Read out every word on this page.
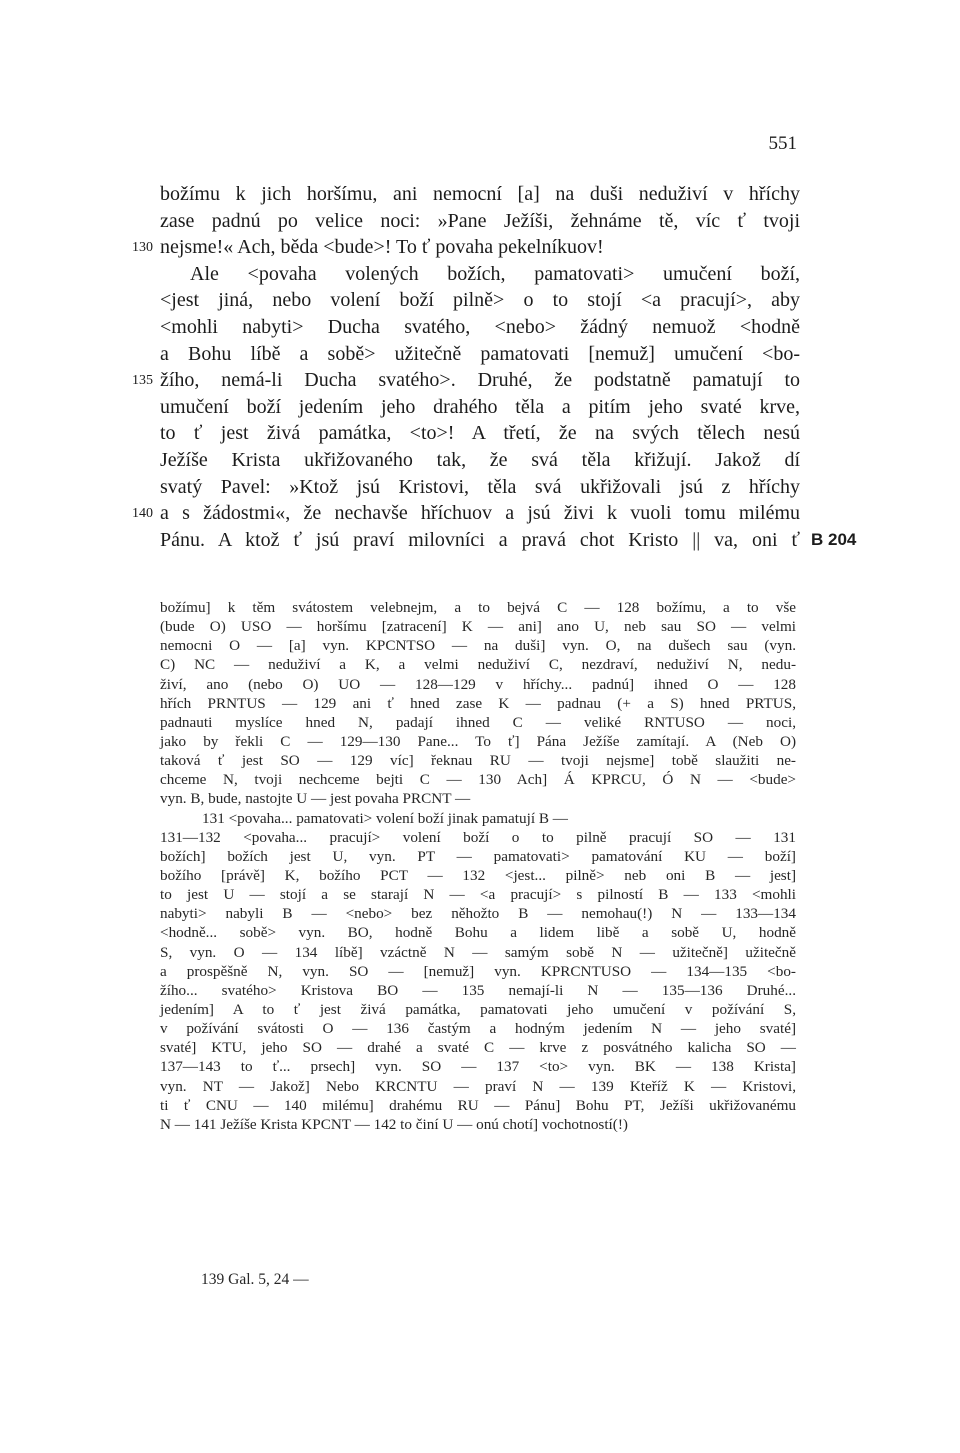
551
božímu k jich horšímu, ani nemocní [a] na duši neduživí v hříchy
zase padnú po velice noci: »Pane Ježíši, žehnáme tě, víc ť tvoji
130 nejsme!« Ach, běda <bude>! To ť povaha pekelníkuov!
Ale <povaha volených božích, pamatovati> umučení boží,
<jest jiná, nebo volení boží pilně> o to stojí <a pracují>, aby
<mohli nabyti> Ducha svatého, <nebo> žádný nemuož <hodně
a Bohu líbě a sobě> užitečně pamatovati [nemuž] umučení <bo-
135 žího, nemá-li Ducha svatého>. Druhé, že podstatně pamatují to
umučení boží jedením jeho drahého těla a pitím jeho svaté krve,
to ť jest živá památka, <to>! A třetí, že na svých tělech nesú
Ježíše Krista ukřižovaného tak, že svá těla křižují. Jakož dí
svatý Pavel: »Ktož jsú Kristovi, těla svá ukřižovali jsú z hříchy
140 a s žádostmi«, že nechavše hříchuov a jsú živi k vuoli tomu milému
Pánu. A ktož ť jsú praví milovníci a pravá chot Kristo || va, oni ť B 204
božímu] k těm svátostem velebnejm, a to bejvá C — 128 božímu, a to vše
(bude O) USO — horšímu [zatracení] K — ani] ano U, neb sau SO — velmi
nemocni O — [a] vyn. KPCNTSO — na duši] vyn. O, na dušech sau (vyn.
C) NC — neduživí a K, a velmi neduživí C, nezdraví, neduživí N, nedu-
živí, ano (nebo O) UO — 128—129 v hříchy... padnú] ihned O — 128
hřích PRNTUS — 129 ani ť hned zase K — padnau (+ a S) hned PRTUS,
padnauti myslíce hned N, padají ihned C — veliké RNTUSO — noci,
jako by řekli C — 129—130 Pane... To ť] Pána Ježíše zamítají. A (Neb O)
taková ť jest SO — 129 víc] řeknau RU — tvoji nejsme] tobě slaužiti ne-
chceme N, tvoji nechceme bejti C — 130 Ach] Á KPRCU, Ó N — <bude>
vyn. B, bude, nastojte U — jest povaha PRCNT —
131 <povaha... pamatovati> volení boží jinak pamatují B —
131—132 <povaha... pracují> volení boží o to pilně pracují SO — 131
božích] božích jest U, vyn. PT — pamatovati> pamatování KU — boží]
božího [právě] K, božího PCT — 132 <jest... pilně> neb oni B — jest]
to jest U — stojí a se starají N — <a pracují> s pilností B — 133 <mohli
nabyti> nabyli B — <nebo> bez něhožto B — nemohau(!) N — 133—134
<hodně... sobě> vyn. BO, hodně Bohu a lidem libě a sobě U, hodně
S, vyn. O — 134 líbě] vzáctně N — samým sobě N — užitečně] užitečně
a prospěšně N, vyn. SO — [nemuž] vyn. KPRCNTUSO — 134—135 <bo-
žího... svatého> Kristova BO — 135 nemají-li N — 135—136 Druhé...
jedením] A to ť jest živá památka, pamatovati jeho umučení v požívání S,
v požívání svátosti O — 136 častým a hodným jedením N — jeho svaté]
svaté] KTU, jeho SO — drahé a svaté C — krve z posvátného kalicha SO —
137—143 to ť... prsech] vyn. SO — 137 <to> vyn. BK — 138 Krista]
vyn. NT — Jakož] Nebo KRCNTU — praví N — 139 Kteříž K — Kristovi,
ti ť CNU — 140 milému] drahému RU — Pánu] Bohu PT, Ježíši ukřižovanému
N — 141 Ježíše Krista KPCNT — 142 to činí U — onú chotí] vochotností(!)
139 Gal. 5, 24 —
